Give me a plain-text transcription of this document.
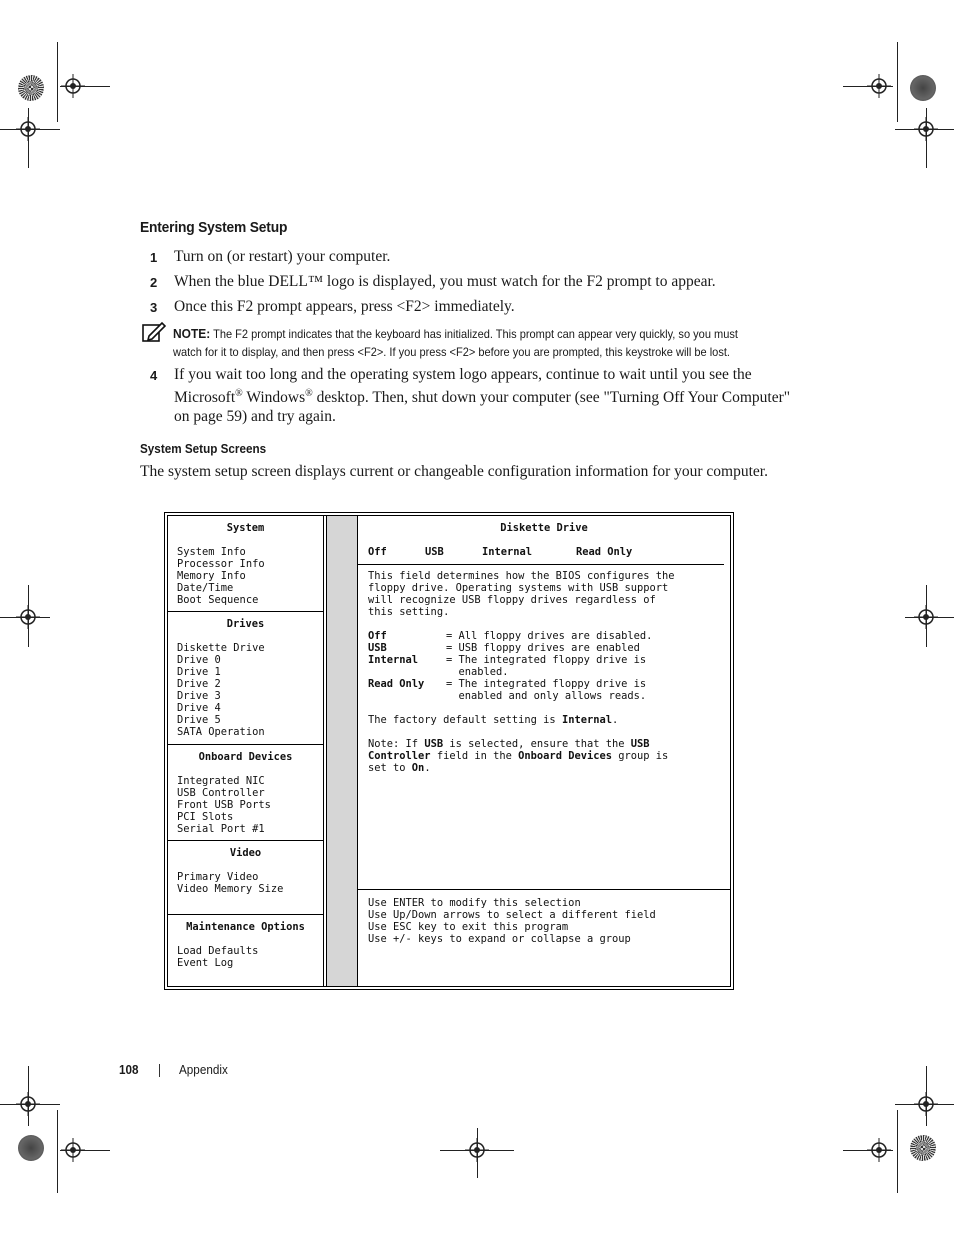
Entering System Setup
1 Turn on (or restart) your computer.
2 When the blue DELL™ logo is displayed, you must watch for the F2 prompt to appear.
3 Once this F2 prompt appears, press <F2> immediately.
NOTE: The F2 prompt indicates that the keyboard has initialized. This prompt can appear very quickly, so you must
watch for it to display, and then press <F2>. If you press <F2> before you are prompted, this keystroke will be lost.
4 If you wait too long and the operating system logo appears, continue to wait until you see the
Microsoft® Windows® desktop. Then, shut down your computer (see "Turning Off Your Computer"
on page 59) and try again.
System Setup Screens
The system setup screen displays current or changeable configuration information for your computer.
System
System Info
Processor Info
Memory Info
Date/Time
Boot Sequence
Drives
Diskette Drive
Drive 0
Drive 1
Drive 2
Drive 3
Drive 4
Drive 5
SATA Operation
Onboard Devices
Integrated NIC
USB Controller
Front USB Ports
PCI Slots
Serial Port #1
Video
Primary Video
Video Memory Size
Maintenance Options
Load Defaults
Event Log
Diskette Drive
Off	USB	Internal	Read Only
This field determines how the BIOS configures the
floppy drive. Operating systems with USB support
will recognize USB floppy drives regardless of
this setting.
Off	= All floppy drives are disabled.
USB	= USB floppy drives are enabled
Internal	= The integrated floppy drive is
enabled.
Read Only = The integrated floppy drive is
enabled and only allows reads.
The factory default setting is Internal.
Note: If USB is selected, ensure that the USB
Controller field in the Onboard Devices group is
set to On.
Use ENTER to modify this selection
Use Up/Down arrows to select a different field
Use ESC key to exit this program
Use +/- keys to expand or collapse a group
108	Appendix
